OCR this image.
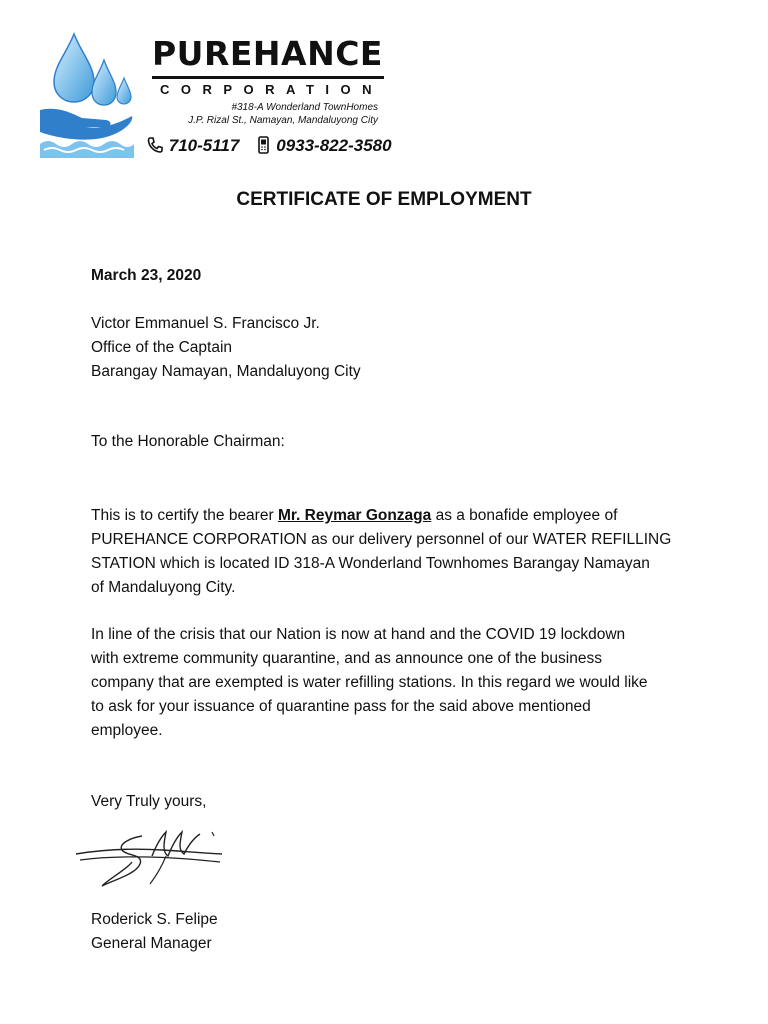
PUREHANCE
CORPORATION
#318-A Wonderland TownHomes
J.P. Rizal St., Namayan, Mandaluyong City
710-5117 0933-822-3580
CERTIFICATE OF EMPLOYMENT
March 23, 2020
Victor Emmanuel S. Francisco Jr.
Office of the Captain
Barangay Namayan, Mandaluyong City
To the Honorable Chairman:
This is to certify the bearer Mr. Reymar Gonzaga as a bonafide employee of
PUREHANCE CORPORATION as our delivery personnel of our WATER REFILLING
STATION which is located ID 318-A Wonderland Townhomes Barangay Namayan
of Mandaluyong City.
In line of the crisis that our Nation is now at hand and the COVID 19 lockdown
with extreme community quarantine, and as announce one of the business
company that are exempted is water refilling stations. In this regard we would like
to ask for your issuance of quarantine pass for the said above mentioned
employee.
Very Truly yours,
Roderick S. Felipe
General Manager
